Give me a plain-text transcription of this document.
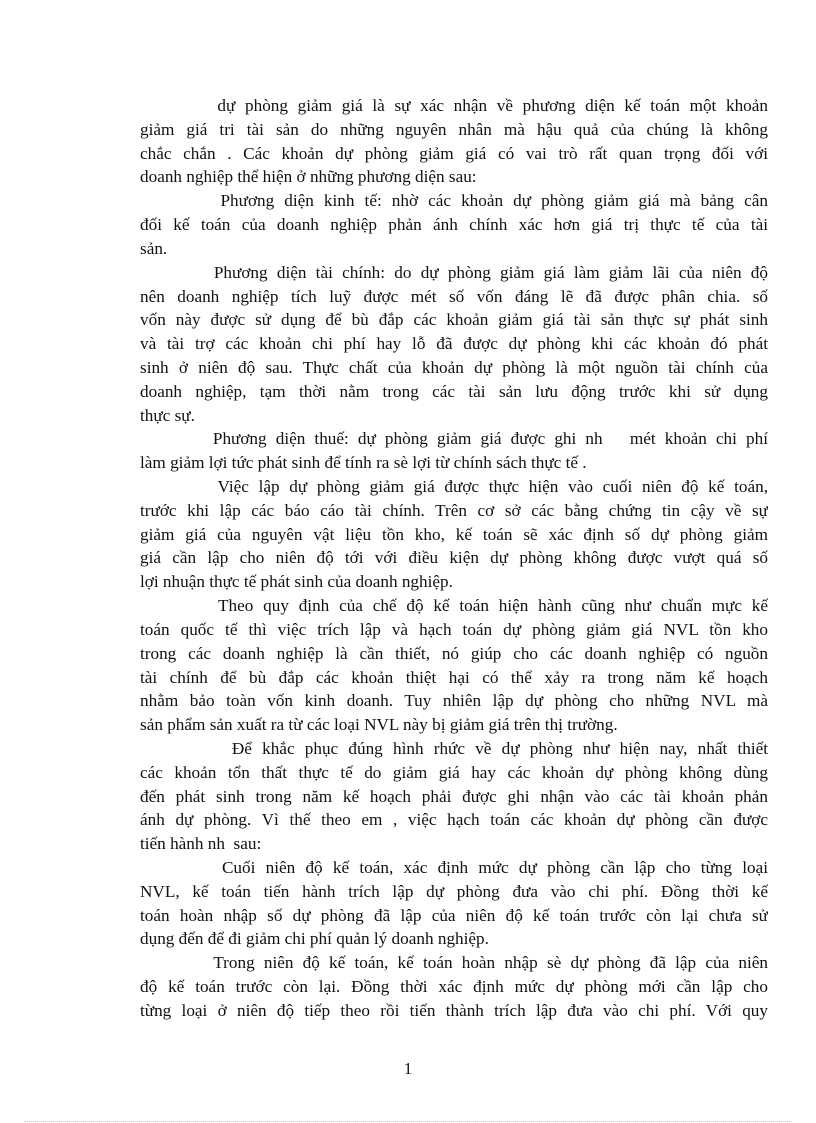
dự phòng giảm giá là sự xác nhận về phương diện kế toán một khoản
giảm giá tri tài sản do những nguyên nhân mà hậu quả của chúng là không
chắc chắn . Các khoản dự phòng giảm giá có vai trò rất quan trọng đối với
doanh nghiệp thể hiện ở những phương diện sau:
Phương diện kinh tế: nhờ các khoản dự phòng giảm giá mà bảng cân
đối kế toán của doanh nghiệp phản ánh chính xác hơn giá trị thực tế của tài
sản.
Phương diện tài chính: do dự phòng giảm giá làm giảm lãi của niên độ
nên doanh nghiệp tích luỹ được mét số vốn đáng lẽ đã được phân chia. số
vốn này được sử dụng để bù đắp các khoản giảm giá tài sản thực sự phát sinh
và tài trợ các khoản chi phí hay lỗ đã được dự phòng khi các khoản đó phát
sinh ở niên độ sau. Thực chất của khoản dự phòng là một nguồn tài chính của
doanh nghiệp, tạm thời nằm trong các tài sản lưu động trước khi sử dụng
thực sự.
Phương diện thuế: dự phòng giảm giá được ghi nh   mét khoản chi phí
làm giảm lợi tức phát sinh để tính ra sè lợi từ chính sách thực tế .
Việc lập dự phòng giảm giá được thực hiện vào cuối niên độ kế toán,
trước khi lập các báo cáo tài chính. Trên cơ sở các bằng chứng tin cậy về sự
giảm giá của nguyên vật liệu tồn kho, kế toán sẽ xác định số dự phòng giảm
giá cần lập cho niên độ tới với điều kiện dự phòng không được vượt quá số
lợi nhuận thực tế phát sinh của doanh nghiệp.
Theo quy định của chế độ kế toán hiện hành cũng như chuẩn mực kế
toán quốc tế thì việc trích lập và hạch toán dự phòng giảm giá NVL tồn kho
trong các doanh nghiệp là cần thiết, nó giúp cho các doanh nghiệp có nguồn
tài chính để bù đắp các khoản thiệt hại có thể xảy ra trong năm kế hoạch
nhằm bảo toàn vốn kinh doanh. Tuy nhiên lập dự phòng cho những NVL mà
sản phẩm sản xuất ra từ các loại NVL này bị giảm giá trên thị trường.
Để khắc phục đúng hình rhức về dự phòng như hiện nay, nhất thiết
các khoản tổn thất thực tế do giảm giá hay các khoản dự phòng không dùng
đến phát sinh trong năm kế hoạch phải được ghi nhận vào các tài khoản phản
ánh dự phòng. Vì thế theo em , việc hạch toán các khoản dự phòng cần được
tiến hành nh  sau:
Cuối niên độ kế toán, xác định mức dự phòng cần lập cho từng loại
NVL, kế toán tiến hành trích lập dự phòng đưa vào chi phí. Đồng thời kế
toán hoàn nhập số dự phòng đã lập của niên độ kế toán trước còn lại chưa sử
dụng đến để đi giảm chi phí quản lý doanh nghiệp.
Trong niên độ kế toán, kế toán hoàn nhập sè dự phòng đã lập của niên
độ kế toán trước còn lại. Đồng thời xác định mức dự phòng mới cần lập cho
từng loại ở niên độ tiếp theo rồi tiến thành trích lập đưa vào chi phí. Với quy
1
